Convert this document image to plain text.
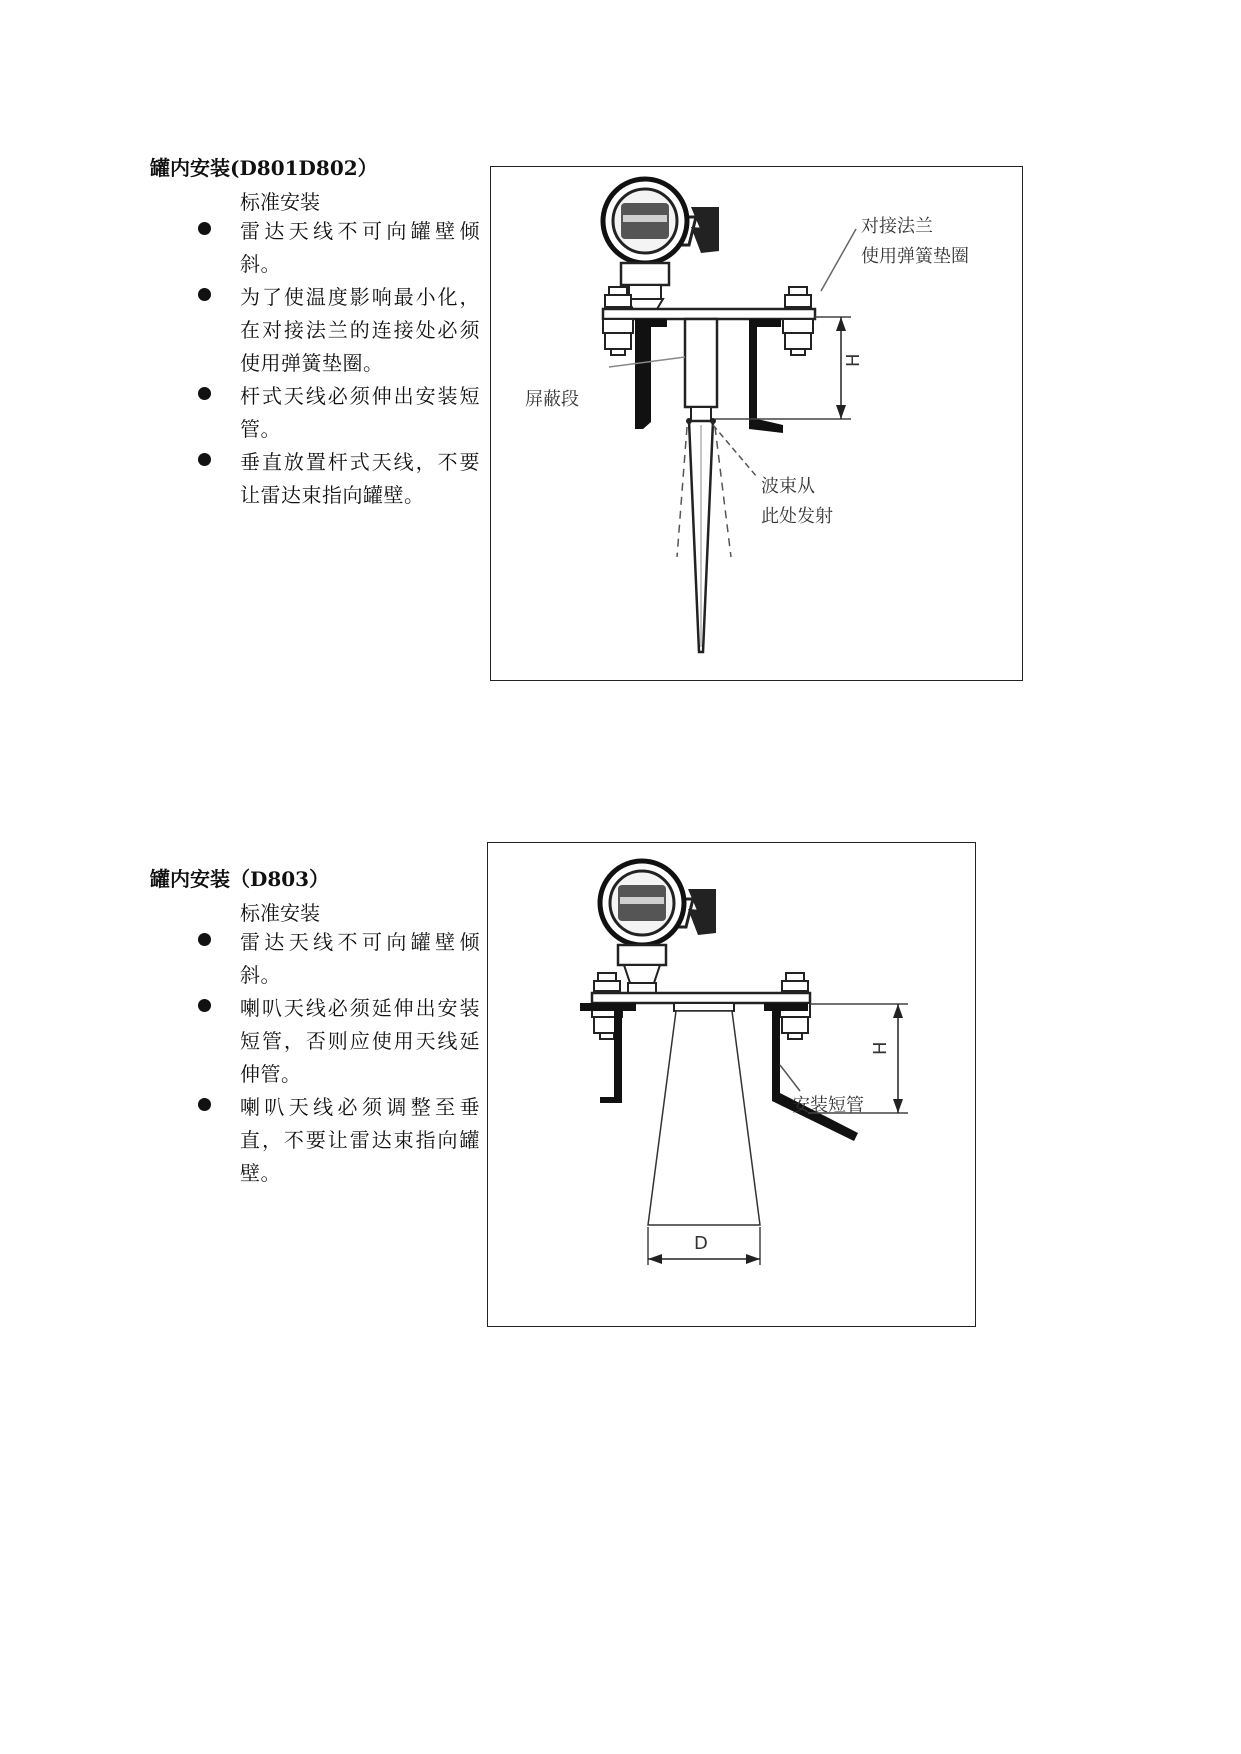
罐内安装(D801D802）
标准安装
雷达天线不可向罐壁倾斜。
为了使温度影响最小化，在对接法兰的连接处必须使用弹簧垫圈。
杆式天线必须伸出安装短管。
垂直放置杆式天线，不要让雷达束指向罐壁。
对接法兰
使用弹簧垫圈
屏蔽段
H
波束从
此处发射
罐内安装（D803）
标准安装
雷达天线不可向罐壁倾斜。
喇叭天线必须延伸出安装短管，否则应使用天线延伸管。
喇叭天线必须调整至垂直，不要让雷达束指向罐壁。
H
安装短管
D
